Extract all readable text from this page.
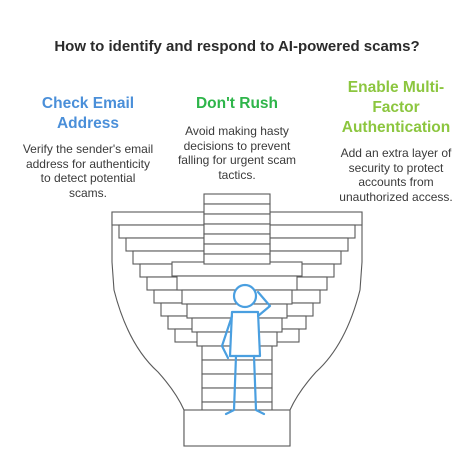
How to identify and respond to AI-powered scams?
Check Email
Address
Verify the sender's email
address for authenticity
to detect potential
scams.
Don't Rush
Avoid making hasty
decisions to prevent
falling for urgent scam
tactics.
Enable Multi-
Factor
Authentication
Add an extra layer of
security to protect
accounts from
unauthorized access.
